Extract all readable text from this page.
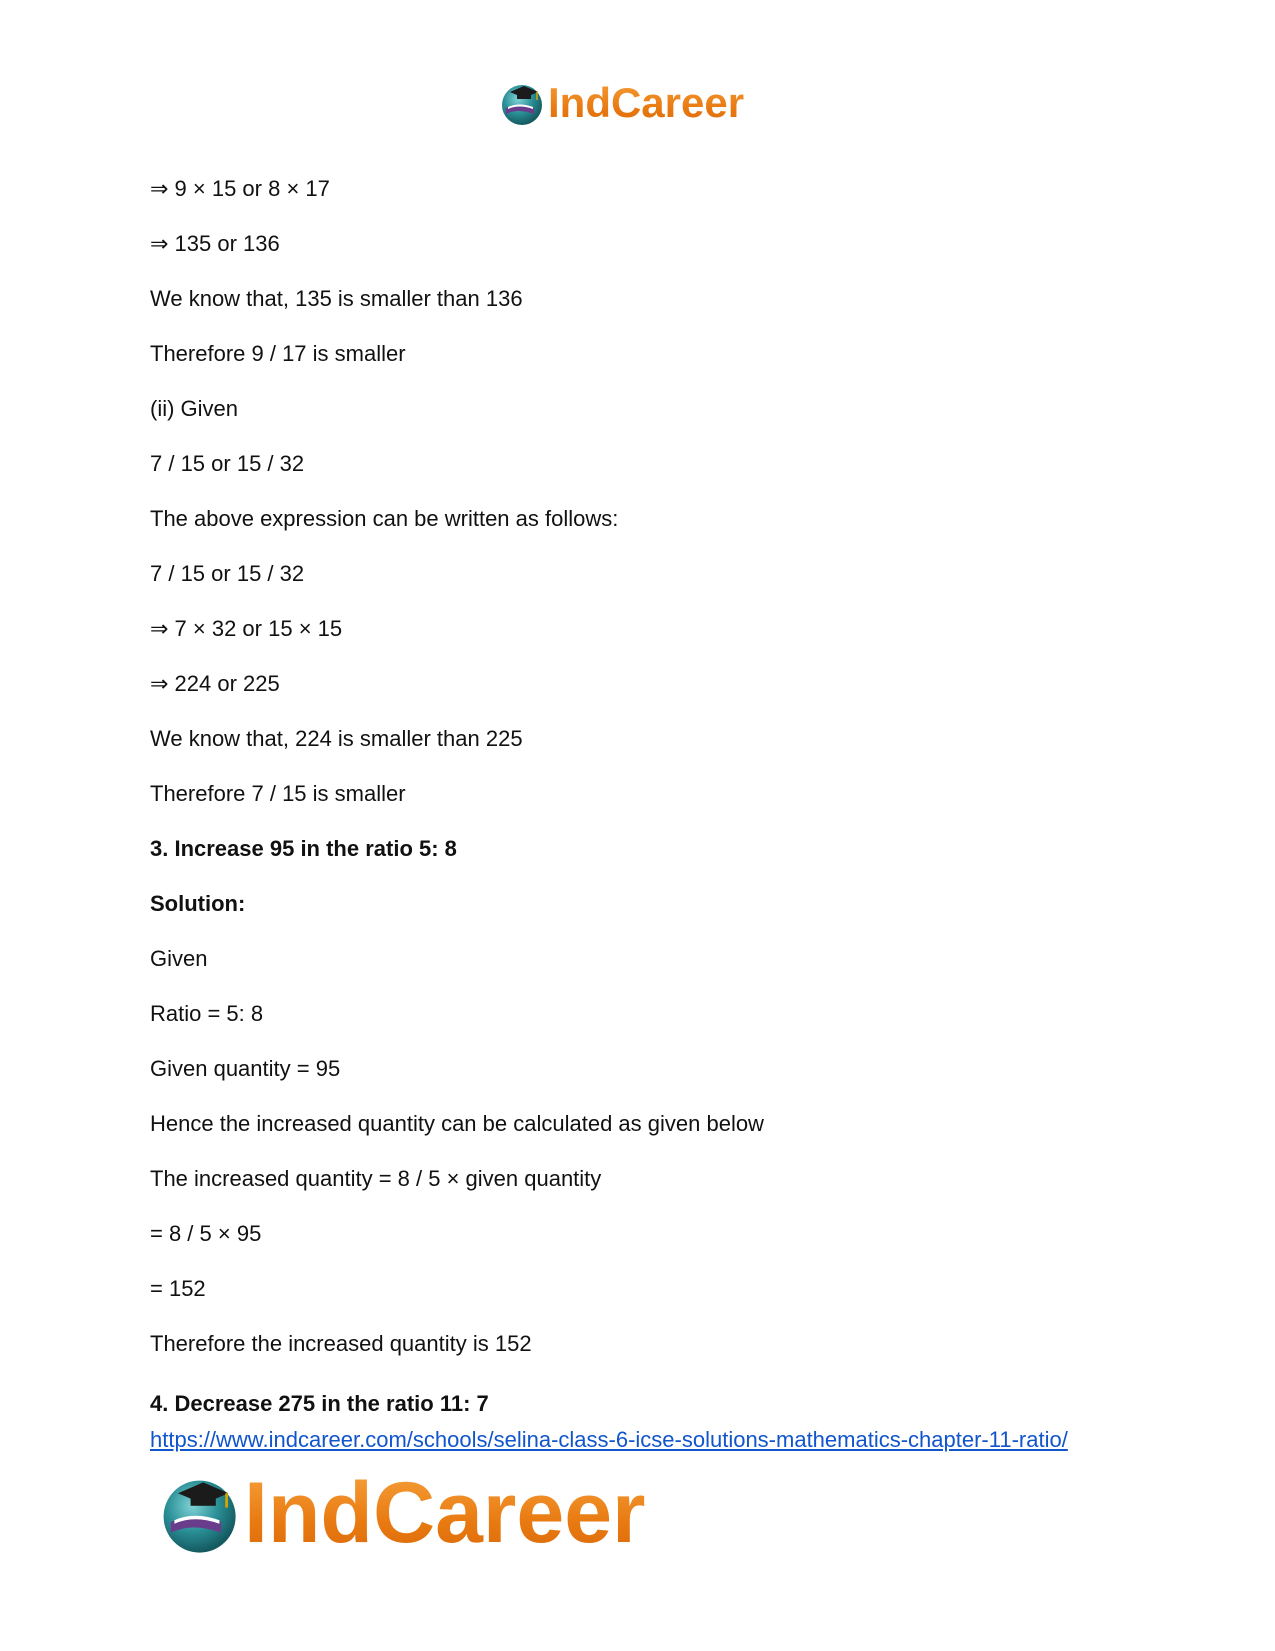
IndCareer
⇒ 9 × 15 or 8 × 17
⇒ 135 or 136
We know that, 135 is smaller than 136
Therefore 9 / 17 is smaller
(ii) Given
7 / 15 or 15 / 32
The above expression can be written as follows:
7 / 15 or 15 / 32
⇒ 7 × 32 or 15 × 15
⇒ 224 or 225
We know that, 224 is smaller than 225
Therefore 7 / 15 is smaller
3. Increase 95 in the ratio 5: 8
Solution:
Given
Ratio = 5: 8
Given quantity = 95
Hence the increased quantity can be calculated as given below
The increased quantity = 8 / 5 × given quantity
= 8 / 5 × 95
= 152
Therefore the increased quantity is 152
4. Decrease 275 in the ratio 11: 7
https://www.indcareer.com/schools/selina-class-6-icse-solutions-mathematics-chapter-11-ratio/
IndCareer
